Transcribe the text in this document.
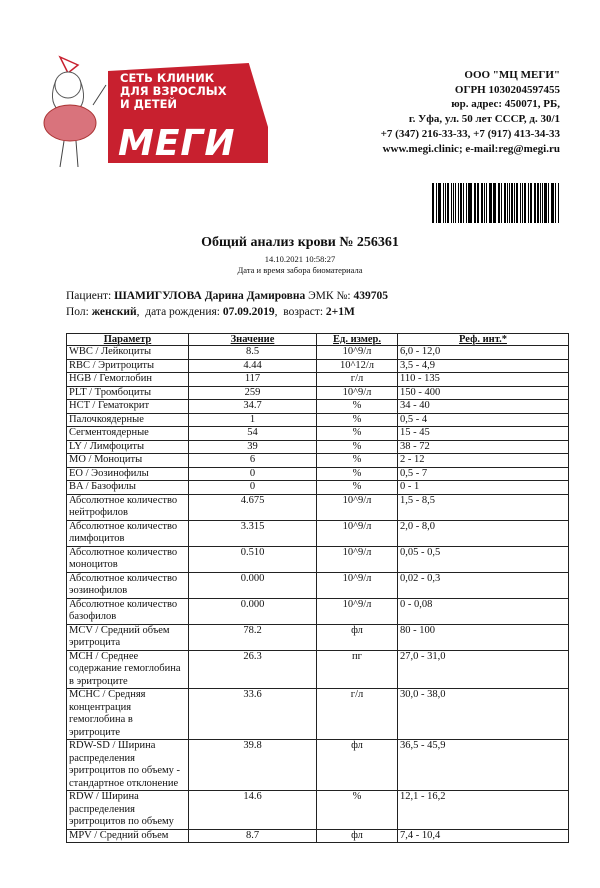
СЕТЬ КЛИНИК
ДЛЯ ВЗРОСЛЫХ
И ДЕТЕЙ
МЕГИ
ООО "МЦ МЕГИ"
ОГРН 1030204597455
юр. адрес: 450071, РБ,
г. Уфа, ул. 50 лет СССР, д. 30/1
+7 (347) 216-33-33, +7 (917) 413-34-33
www.megi.clinic; e-mail:reg@megi.ru
Общий анализ крови № 256361
14.10.2021 10:58:27
Дата и время забора биоматериала
Пациент: ШАМИГУЛОВА Дарина Дамировна ЭМК №: 439705
Пол: женский,  дата рождения: 07.09.2019,  возраст: 2+1М
Параметр	Значение	Ед. измер.	Реф. инт.*
WBC / Лейкоциты	8.5	10^9/л	6,0 - 12,0
RBC / Эритроциты	4.44	10^12/л	3,5 - 4,9
HGB / Гемоглобин	117	г/л	110 - 135
PLT / Тромбоциты	259	10^9/л	150 - 400
HCT / Гематокрит	34.7	%	34 - 40
Палочкоядерные	1	%	0,5 - 4
Сегментоядерные	54	%	15 - 45
LY / Лимфоциты	39	%	38 - 72
MO / Моноциты	6	%	2 - 12
EO / Эозинофилы	0	%	0,5 - 7
BA / Базофилы	0	%	0 - 1
Абсолютное количество нейтрофилов	4.675	10^9/л	1,5 - 8,5
Абсолютное количество лимфоцитов	3.315	10^9/л	2,0 - 8,0
Абсолютное количество моноцитов	0.510	10^9/л	0,05 - 0,5
Абсолютное количество эозинофилов	0.000	10^9/л	0,02 - 0,3
Абсолютное количество базофилов	0.000	10^9/л	0 - 0,08
MCV / Средний объем эритроцита	78.2	фл	80 - 100
MCH / Среднее содержание гемоглобина в эритроците	26.3	пг	27,0 - 31,0
MCHC / Средняя концентрация гемоглобина в эритроците	33.6	г/л	30,0 - 38,0
RDW-SD / Ширина распределения эритроцитов по объему - стандартное отклонение	39.8	фл	36,5 - 45,9
RDW / Ширина распределения эритроцитов по объему	14.6	%	12,1 - 16,2
MPV / Средний объем	8.7	фл	7,4 - 10,4
